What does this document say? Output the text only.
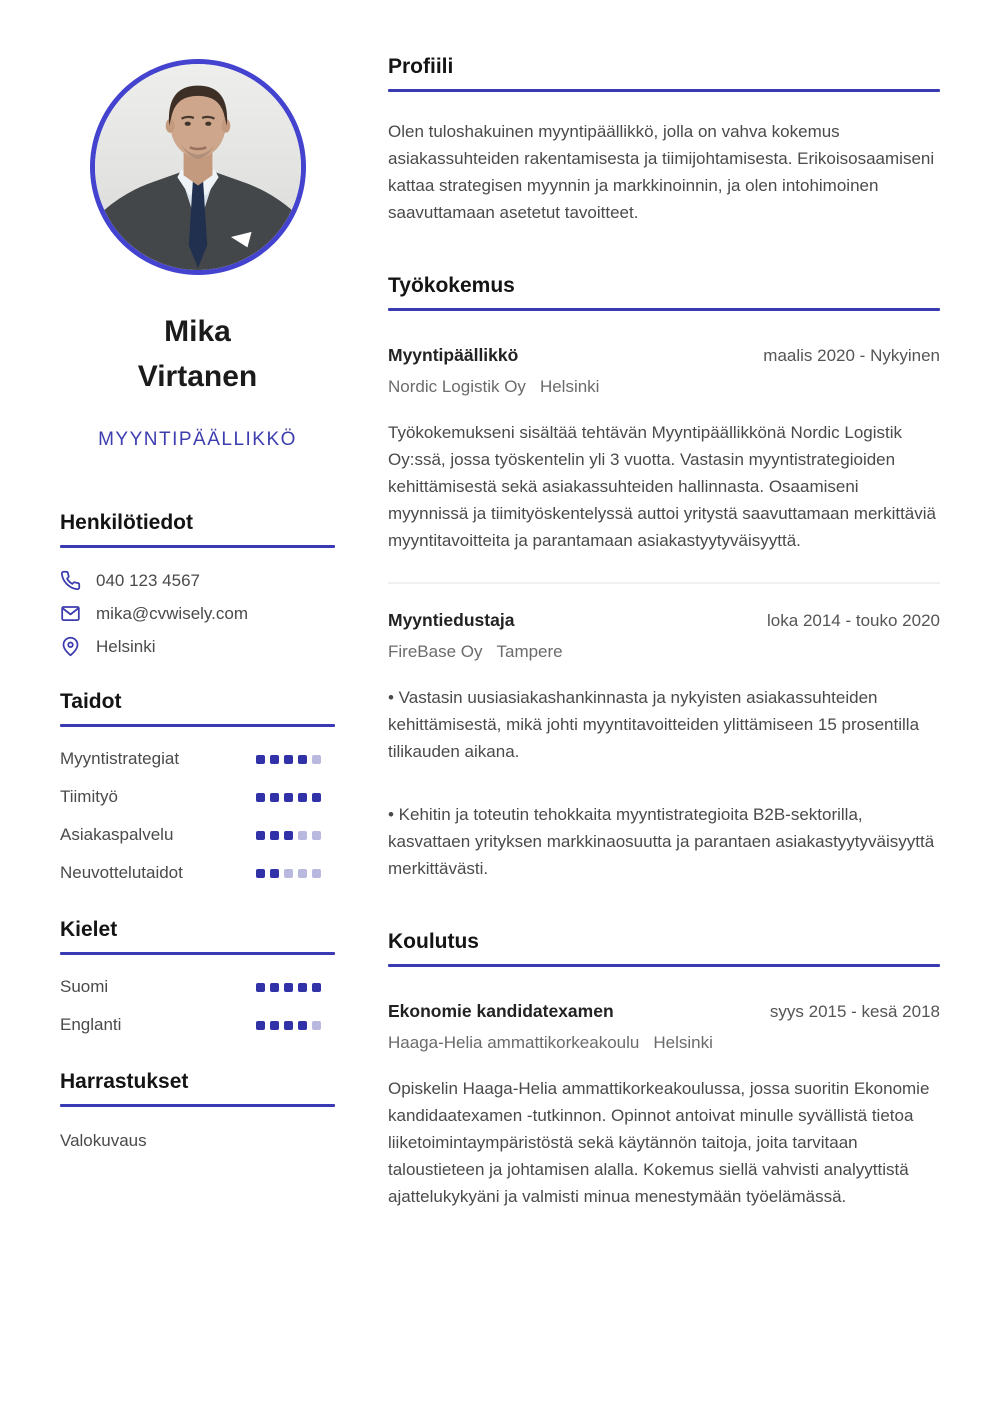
Mika
Virtanen
MYYNTIPÄÄLLIKKÖ
Henkilötiedot
040 123 4567
mika@cvwisely.com
Helsinki
Taidot
Myyntistrategiat
Tiimityö
Asiakaspalvelu
Neuvottelutaidot
Kielet
Suomi
Englanti
Harrastukset
Valokuvaus
Profiili

Olen tuloshakuinen myyntipäällikkö, jolla on vahva kokemus asiakassuhteiden rakentamisesta ja tiimijohtamisesta. Erikoisosaamiseni kattaa strategisen myynnin ja markkinoinnin, ja olen intohimoinen saavuttamaan asetetut tavoitteet.

Työkokemus
Myyntipäällikkö	maalis 2020 - Nykyinen
Nordic Logistik Oy Helsinki

Työkokemukseni sisältää tehtävän Myyntipäällikkönä Nordic Logistik Oy:ssä, jossa työskentelin yli 3 vuotta. Vastasin myyntistrategioiden kehittämisestä sekä asiakassuhteiden hallinnasta. Osaamiseni myynnissä ja tiimityöskentelyssä auttoi yritystä saavuttamaan merkittäviä myyntitavoitteita ja parantamaan asiakastyytyväisyyttä.

Myyntiedustaja	loka 2014 - touko 2020
FireBase Oy Tampere

• Vastasin uusiasiakashankinnasta ja nykyisten asiakassuhteiden kehittämisestä, mikä johti myyntitavoitteiden ylittämiseen 15 prosentilla tilikauden aikana.

• Kehitin ja toteutin tehokkaita myyntistrategioita B2B-sektorilla, kasvattaen yrityksen markkinaosuutta ja parantaen asiakastyytyväisyyttä merkittävästi.

Koulutus
Ekonomie kandidatexamen	syys 2015 - kesä 2018
Haaga-Helia ammattikorkeakoulu Helsinki

Opiskelin Haaga-Helia ammattikorkeakoulussa, jossa suoritin Ekonomie kandidaatexamen -tutkinnon. Opinnot antoivat minulle syvällistä tietoa liiketoimintaympäristöstä sekä käytännön taitoja, joita tarvitaan taloustieteen ja johtamisen alalla. Kokemus siellä vahvisti analyyttistä ajattelukykyäni ja valmisti minua menestymään työelämässä.
